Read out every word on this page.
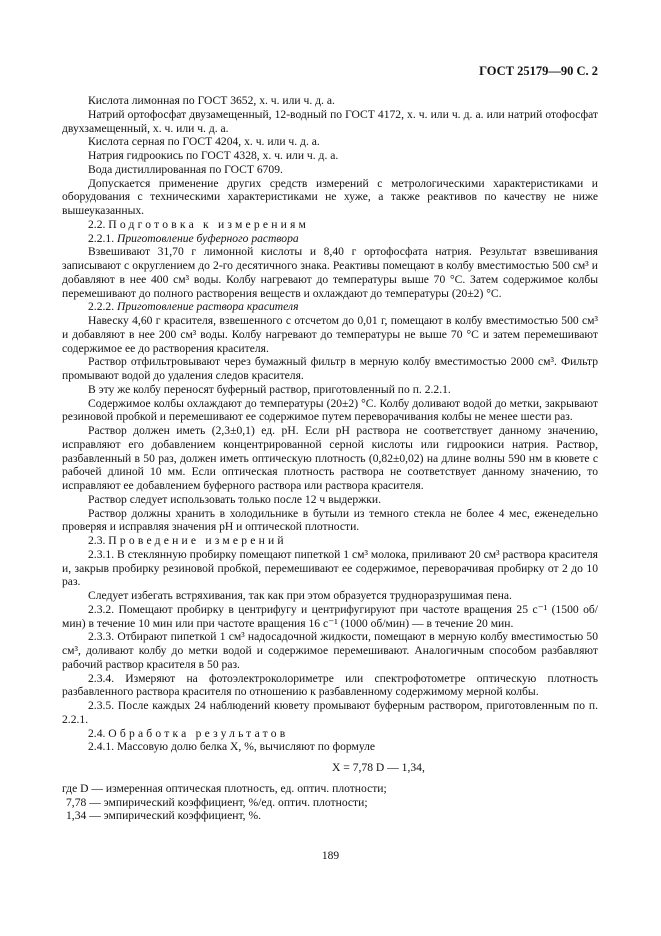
ГОСТ 25179—90 С. 2

Кислота лимонная по ГОСТ 3652, х. ч. или ч. д. а.

Натрий ортофосфат двузамещенный, 12-водный по ГОСТ 4172, х. ч. или ч. д. а. или натрий отофосфат двухзамещенный, х. ч. или ч. д. а.

Кислота серная по ГОСТ 4204, х. ч. или ч. д. а.

Натрия гидроокись по ГОСТ 4328, х. ч. или ч. д. а.

Вода дистиллированная по ГОСТ 6709.

Допускается применение других средств измерений с метрологическими характеристиками и оборудования с техническими характеристиками не хуже, а также реактивов по качеству не ниже вышеуказанных.

2.2. Подготовка к измерениям

2.2.1. Приготовление буферного раствора

Взвешивают 31,70 г лимонной кислоты и 8,40 г ортофосфата натрия. Результат взвешивания записывают с округлением до 2-го десятичного знака. Реактивы помещают в колбу вместимостью 500 см³ и добавляют в нее 400 см³ воды. Колбу нагревают до температуры выше 70 °С. Затем содержимое колбы перемешивают до полного растворения веществ и охлаждают до температуры (20±2) °С.

2.2.2. Приготовление раствора красителя

Навеску 4,60 г красителя, взвешенного с отсчетом до 0,01 г, помещают в колбу вместимостью 500 см³ и добавляют в нее 200 см³ воды. Колбу нагревают до температуры не выше 70 °С и затем перемешивают содержимое ее до растворения красителя.

Раствор отфильтровывают через бумажный фильтр в мерную колбу вместимостью 2000 см³. Фильтр промывают водой до удаления следов красителя.

В эту же колбу переносят буферный раствор, приготовленный по п. 2.2.1.

Содержимое колбы охлаждают до температуры (20±2) °С. Колбу доливают водой до метки, закрывают резиновой пробкой и перемешивают ее содержимое путем переворачивания колбы не менее шести раз.

Раствор должен иметь (2,3±0,1) ед. pH. Если pH раствора не соответствует данному значению, исправляют его добавлением концентрированной серной кислоты или гидроокиси натрия. Раствор, разбавленный в 50 раз, должен иметь оптическую плотность (0,82±0,02) на длине волны 590 нм в кювете с рабочей длиной 10 мм. Если оптическая плотность раствора не соответствует данному значению, то исправляют ее добавлением буферного раствора или раствора красителя.

Раствор следует использовать только после 12 ч выдержки.

Раствор должны хранить в холодильнике в бутыли из темного стекла не более 4 мес, еженедельно проверяя и исправляя значения pH и оптической плотности.

2.3. Проведение измерений

2.3.1. В стеклянную пробирку помещают пипеткой 1 см³ молока, приливают 20 см³ раствора красителя и, закрыв пробирку резиновой пробкой, перемешивают ее содержимое, переворачивая пробирку от 2 до 10 раз.

Следует избегать встряхивания, так как при этом образуется трудноразрушимая пена.

2.3.2. Помещают пробирку в центрифугу и центрифугируют при частоте вращения 25 с⁻¹ (1500 об/мин) в течение 10 мин или при частоте вращения 16 с⁻¹ (1000 об/мин) — в течение 20 мин.

2.3.3. Отбирают пипеткой 1 см³ надосадочной жидкости, помещают в мерную колбу вместимостью 50 см³, доливают колбу до метки водой и содержимое перемешивают. Аналогичным способом разбавляют рабочий раствор красителя в 50 раз.

2.3.4. Измеряют на фотоэлектроколориметре или спектрофотометре оптическую плотность разбавленного раствора красителя по отношению к разбавленному содержимому мерной колбы.

2.3.5. После каждых 24 наблюдений кювету промывают буферным раствором, приготовленным по п. 2.2.1.

2.4. Обработка результатов

2.4.1. Массовую долю белка X, %, вычисляют по формуле

X = 7,78 D — 1,34,

где D — измеренная оптическая плотность, ед. оптич. плотности;

7,78 — эмпирический коэффициент, %/ед. оптич. плотности;

1,34 — эмпирический коэффициент, %.

189
